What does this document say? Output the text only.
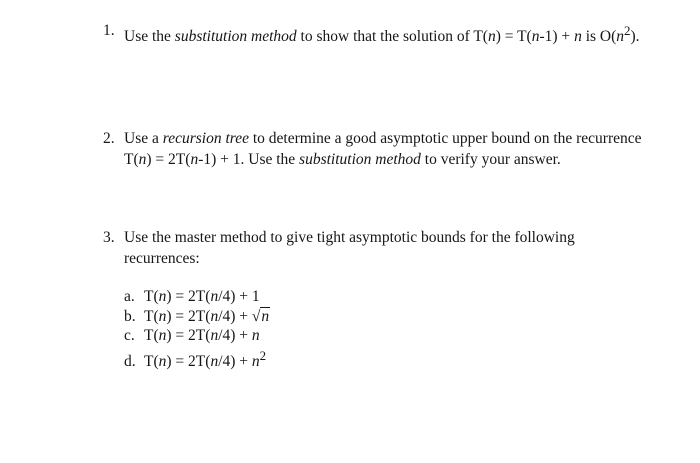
1. Use the substitution method to show that the solution of T(n) = T(n-1) + n is $O(n^2)$.
2. Use a recursion tree to determine a good asymptotic upper bound on the recurrence T(n) = 2T(n-1) + 1. Use the substitution method to verify your answer.
3. Use the master method to give tight asymptotic bounds for the following recurrences:
a. T(n) = 2T(n/4) + 1
b. T(n) = 2T(n/4) + √n
c. T(n) = 2T(n/4) + n
d. $T(n) = 2T(n/4) + n^2$
